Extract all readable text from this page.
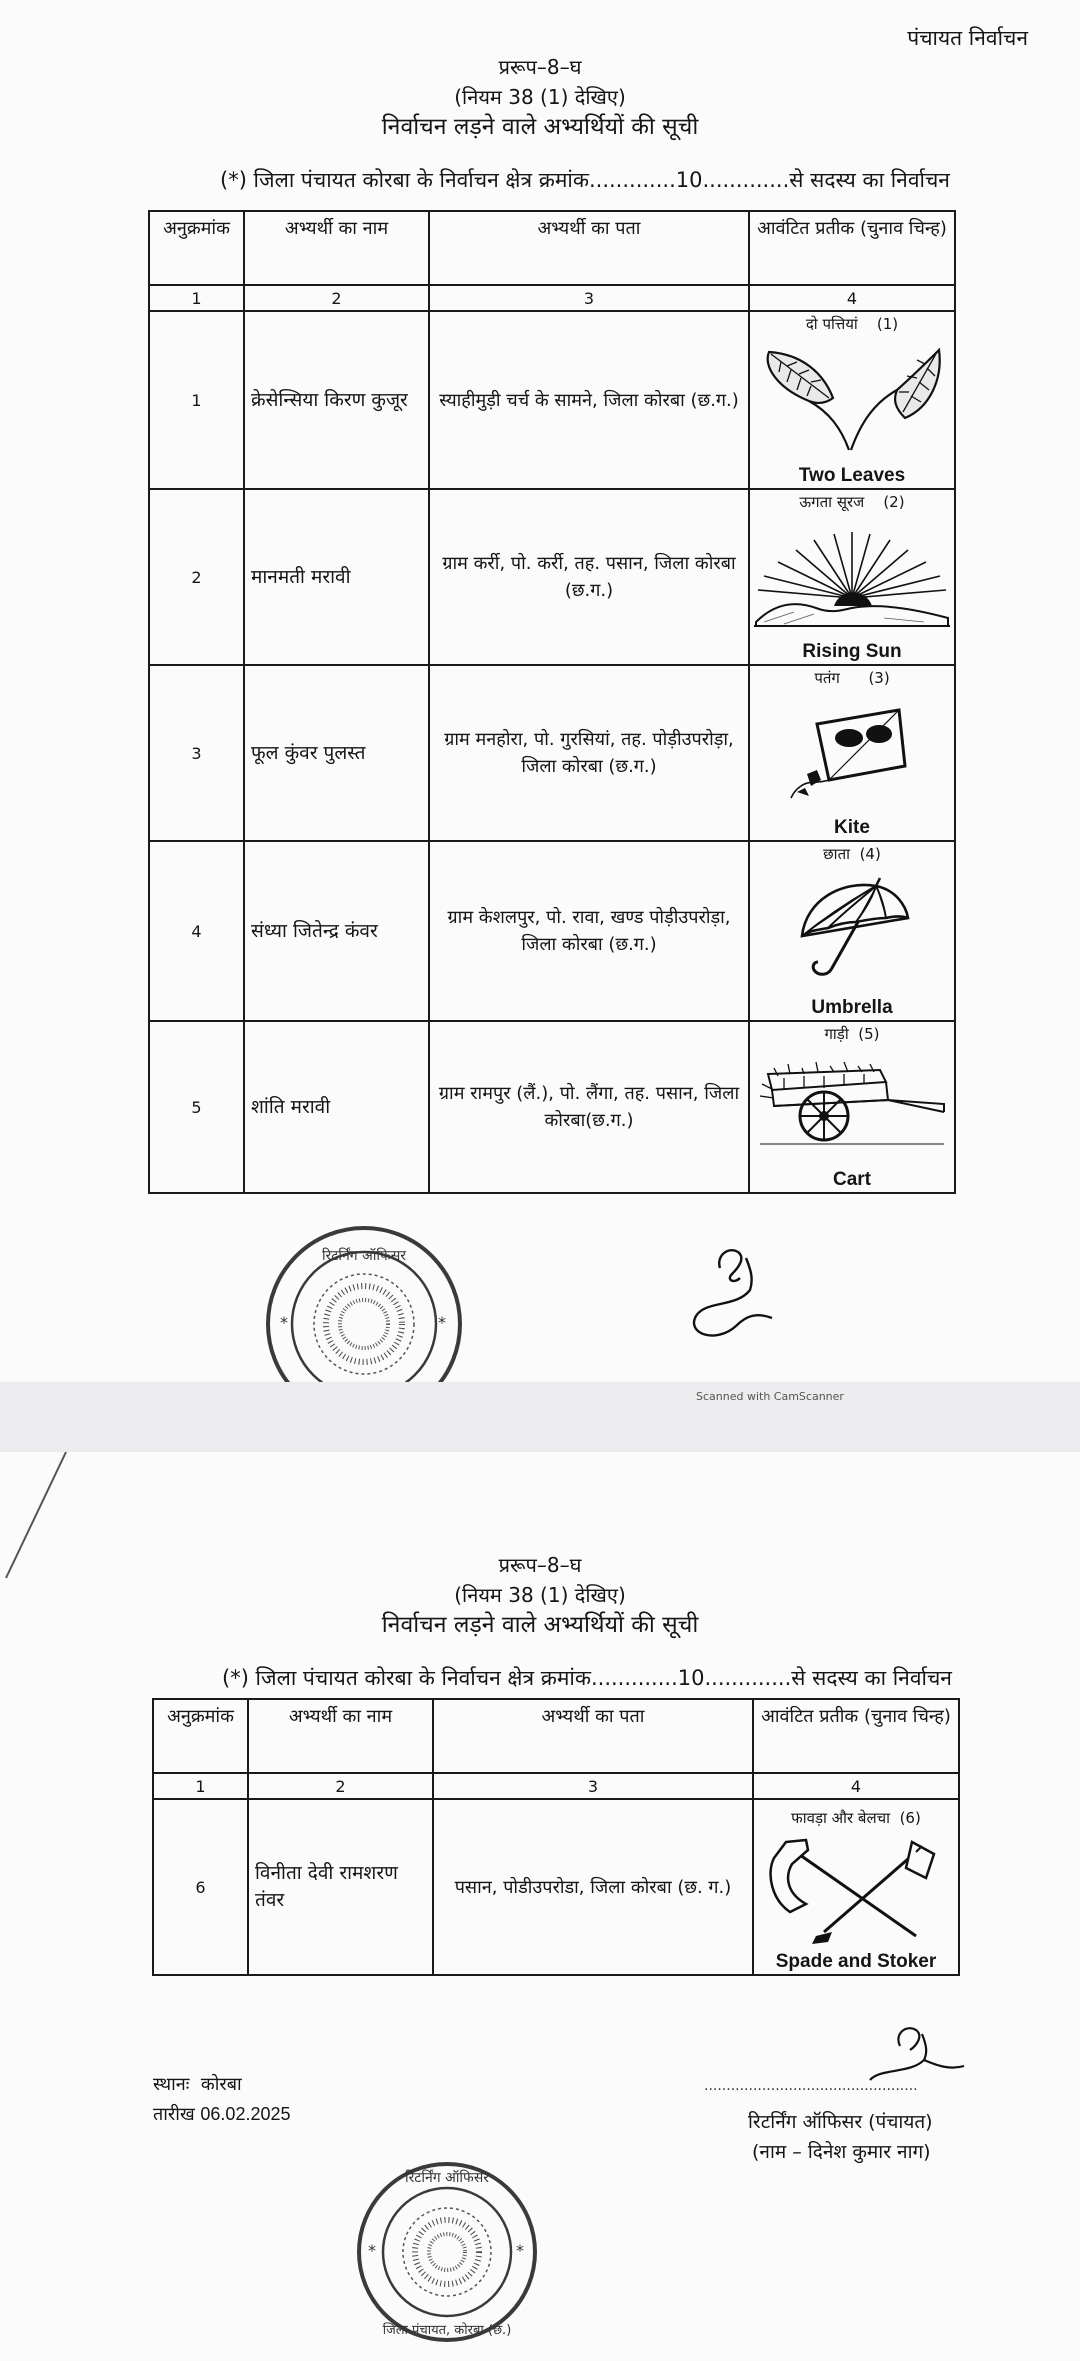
पंचायत निर्वाचन
प्ररूप–8–घ
(नियम 38 (1) देखिए)
निर्वाचन लड़ने वाले अभ्यर्थियों की सूची
(*) जिला पंचायत कोरबा के निर्वाचन क्षेत्र क्रमांक.............10.............से सदस्य का निर्वाचन
अनुक्रमांक	अभ्यर्थी का नाम	अभ्यर्थी का पता	आवंटित प्रतीक (चुनाव चिन्ह)
1	2	3	4
1	क्रेसेन्सिया किरण कुजूर	स्याहीमुड़ी चर्च के सामने, जिला कोरबा (छ.ग.)	दो पत्तियां (1)
Two Leaves

2	मानमती मरावी	ग्राम कर्री, पो. कर्री, तह. पसान, जिला कोरबा (छ.ग.)	ऊगता सूरज (2)
Rising Sun

3	फूल कुंवर पुलस्त	ग्राम मनहोरा, पो. गुरसियां, तह. पोड़ीउपरोड़ा, जिला कोरबा (छ.ग.)	पतंग (3)
Kite

4	संध्या जितेन्द्र कंवर	ग्राम केशलपुर, पो. रावा, खण्ड पोड़ीउपरोड़ा, जिला कोरबा (छ.ग.)	छाता (4)
Umbrella

5	शांति मरावी	ग्राम रामपुर (लैं.), पो. लैंगा, तह. पसान, जिला कोरबा(छ.ग.)	गाड़ी (5)
Cart
रिटर्निंग ऑफिसर
*	*
Scanned with CamScanner
प्ररूप–8–घ
(नियम 38 (1) देखिए)
निर्वाचन लड़ने वाले अभ्यर्थियों की सूची
(*) जिला पंचायत कोरबा के निर्वाचन क्षेत्र क्रमांक.............10.............से सदस्य का निर्वाचन
अनुक्रमांक	अभ्यर्थी का नाम	अभ्यर्थी का पता	आवंटित प्रतीक (चुनाव चिन्ह)
1	2	3	4
6	विनीता देवी रामशरण तंवर	पसान, पोडीउपरोडा, जिला कोरबा (छ. ग.)	फावड़ा और बेलचा (6)
Spade and Stoker
स्थानः कोरबा
तारीख 06.02.2025
................................................
रिटर्निंग ऑफिसर (पंचायत)
(नाम – दिनेश कुमार नाग)
रिटर्निंग ऑफिसर
जिला पंचायत, कोरबा (छ.)
*	*
